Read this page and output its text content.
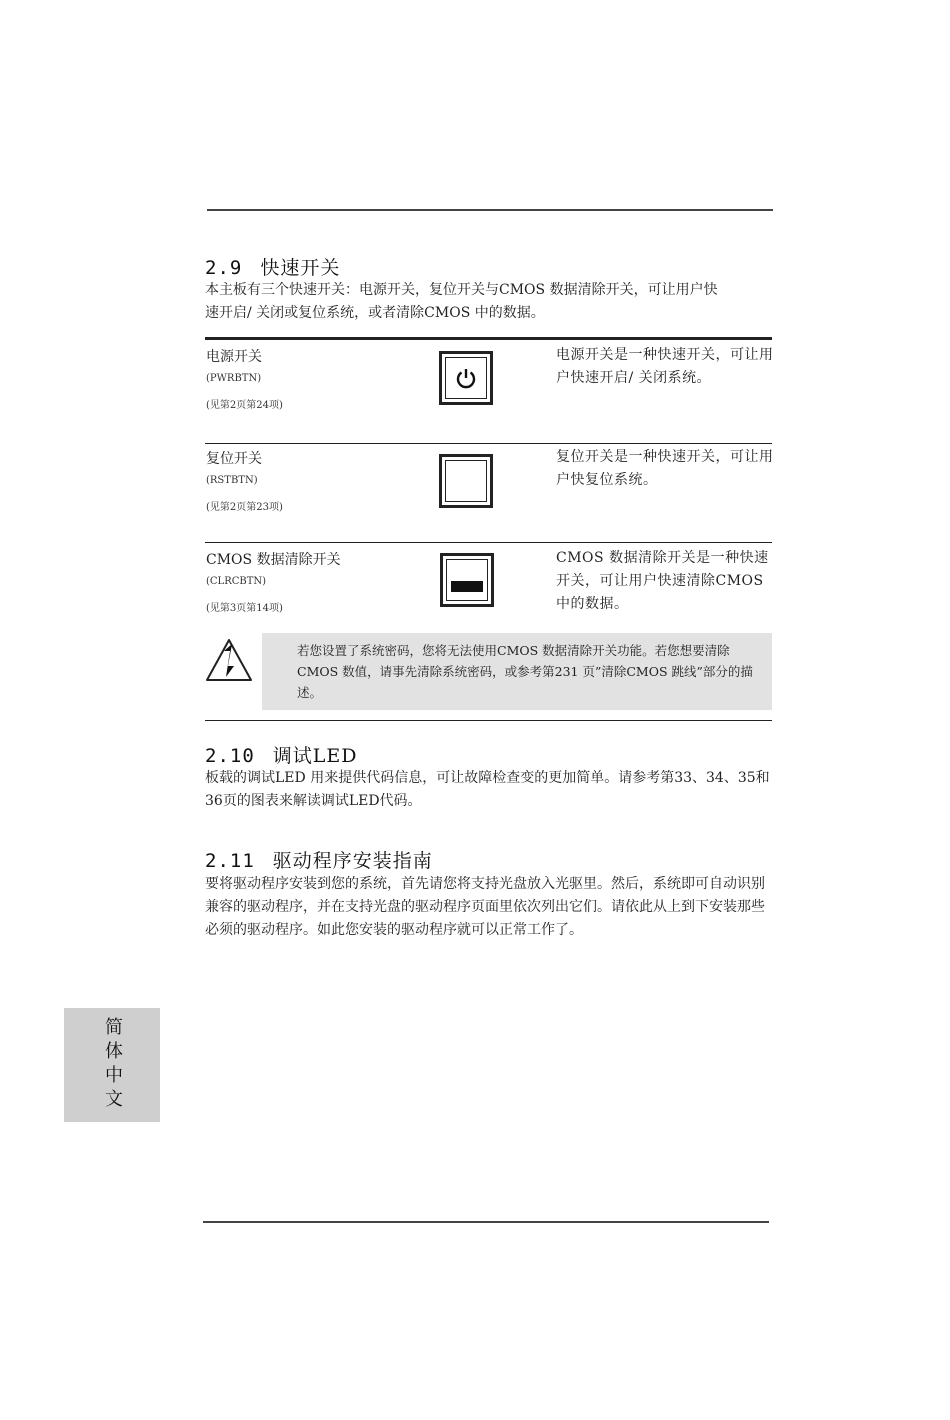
2.9 快速开关
本主板有三个快速开关：电源开关，复位开关与CMOS 数据清除开关，可让用户快
速开启/ 关闭或复位系统，或者清除CMOS 中的数据。
电源开关
(PWRBTN)
(见第2页第24项)
电源开关是一种快速开关，可让用户快速开启/ 关闭系统。
复位开关
(RSTBTN)
(见第2页第23项)
复位开关是一种快速开关，可让用户快复位系统。
CMOS 数据清除开关
(CLRCBTN)
(见第3页第14项)
CMOS 数据清除开关是一种快速开关，可让用户快速清除CMOS 中的数据。
若您设置了系统密码，您将无法使用CMOS 数据清除开关功能。若您想要清除CMOS 数值，请事先清除系统密码，或参考第231 页”清除CMOS 跳线”部分的描述。
2.10 调试LED
板载的调试LED 用来提供代码信息，可让故障检查变的更加简单。请参考第33、34、35和36页的图表来解读调试LED代码。
2.11 驱动程序安装指南
要将驱动程序安装到您的系统，首先请您将支持光盘放入光驱里。然后，系统即可自动识别兼容的驱动程序，并在支持光盘的驱动程序页面里依次列出它们。请依此从上到下安装那些必须的驱动程序。如此您安装的驱动程序就可以正常工作了。
简体中文
